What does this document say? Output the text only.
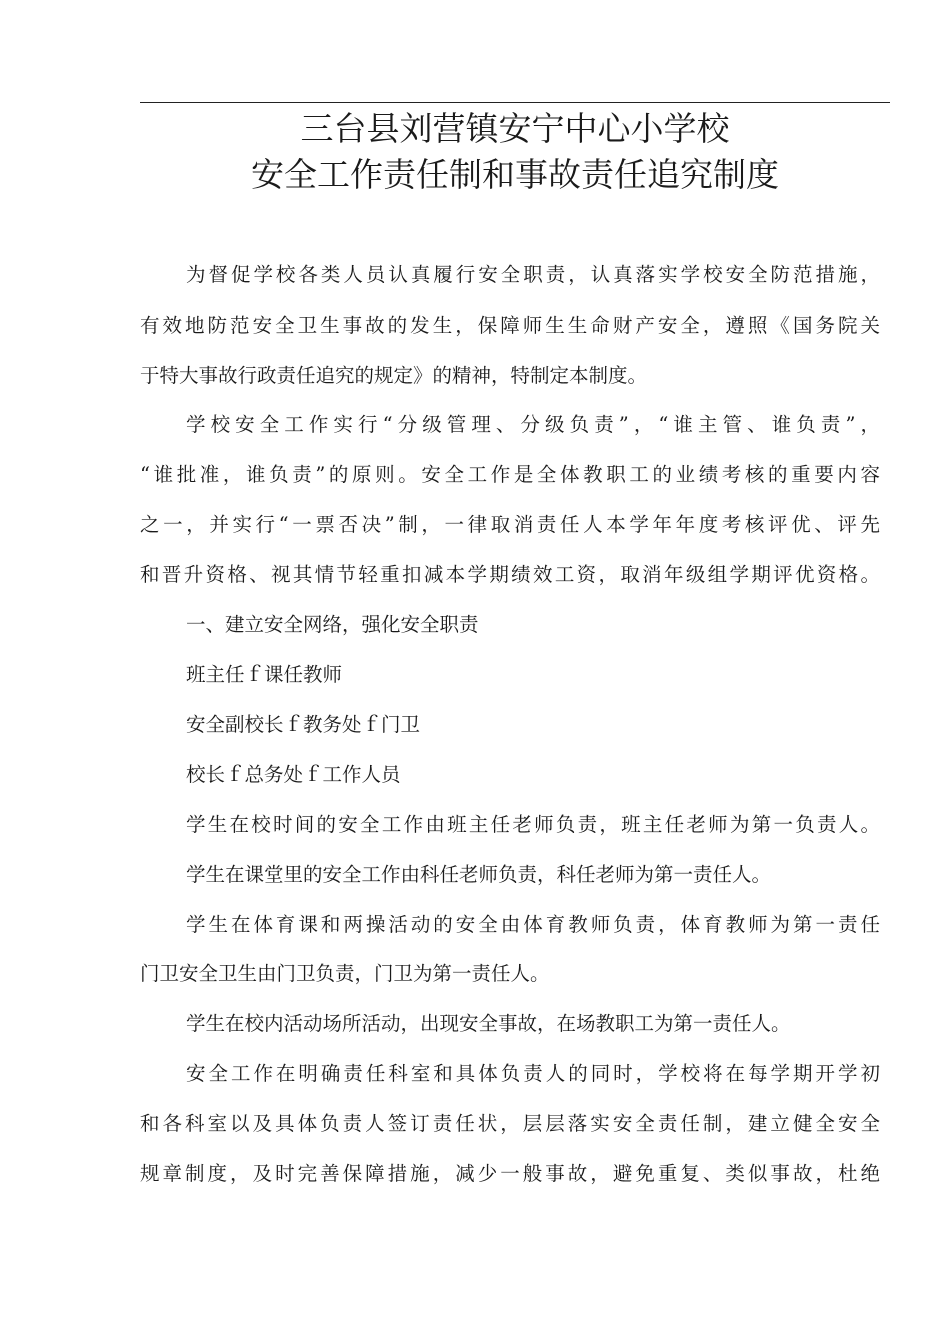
三台县刘营镇安宁中心小学校
安全工作责任制和事故责任追究制度
为督促学校各类人员认真履行安全职责，认真落实学校安全防范措施，
有效地防范安全卫生事故的发生，保障师生生命财产安全，遵照《国务院关
于特大事故行政责任追究的规定》的精神，特制定本制度。
学校安全工作实行“分级管理、分级负责”，“谁主管、谁负责”，
“谁批准，谁负责”的原则。安全工作是全体教职工的业绩考核的重要内容
之一，并实行“一票否决”制，一律取消责任人本学年年度考核评优、评先
和晋升资格、视其情节轻重扣减本学期绩效工资，取消年级组学期评优资格。
一、建立安全网络，强化安全职责
班主任ｆ课任教师
安全副校长ｆ教务处ｆ门卫
校长ｆ总务处ｆ工作人员
学生在校时间的安全工作由班主任老师负责，班主任老师为第一负责人。
学生在课堂里的安全工作由科任老师负责，科任老师为第一责任人。
学生在体育课和两操活动的安全由体育教师负责，体育教师为第一责任
门卫安全卫生由门卫负责，门卫为第一责任人。
学生在校内活动场所活动，出现安全事故，在场教职工为第一责任人。
安全工作在明确责任科室和具体负责人的同时，学校将在每学期开学初
和各科室以及具体负责人签订责任状，层层落实安全责任制，建立健全安全
规章制度，及时完善保障措施，减少一般事故，避免重复、类似事故，杜绝
